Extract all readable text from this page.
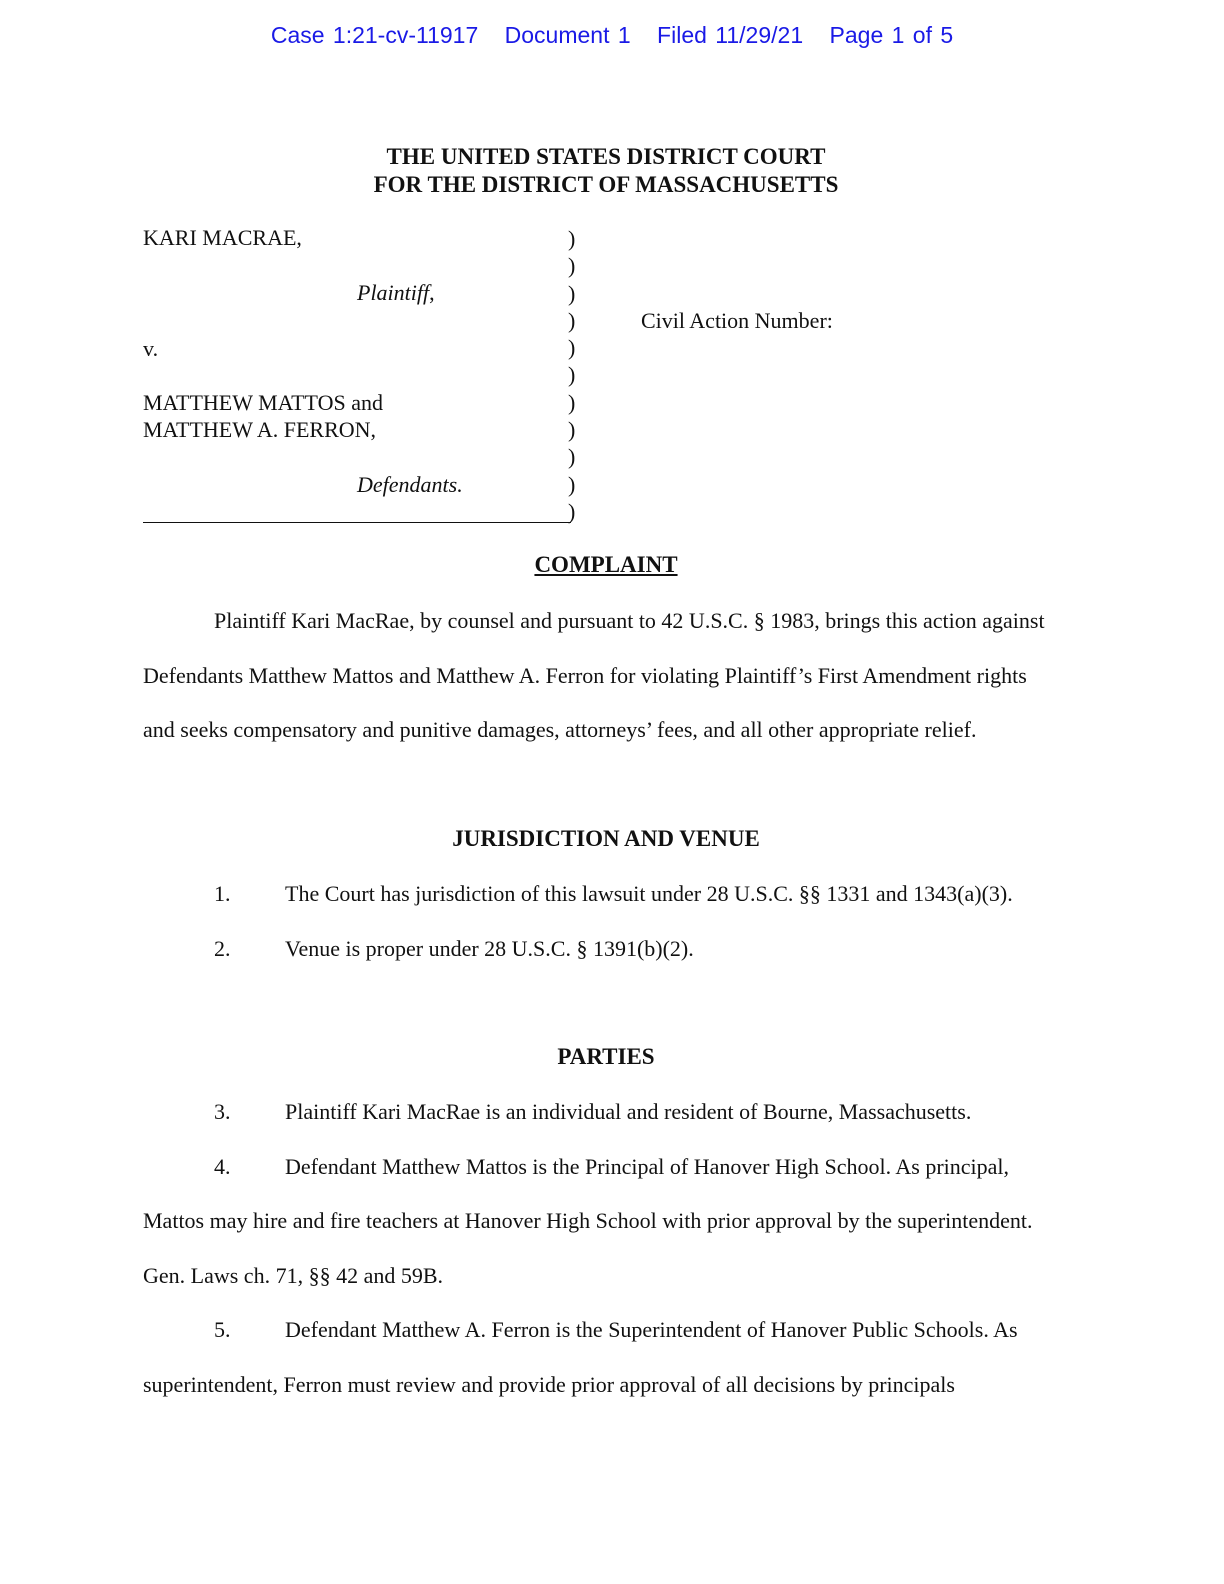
Case 1:21-cv-11917 Document 1 Filed 11/29/21 Page 1 of 5
THE UNITED STATES DISTRICT COURT
FOR THE DISTRICT OF MASSACHUSETTS
KARI MACRAE,
Plaintiff,
v.
MATTHEW MATTOS and
MATTHEW A. FERRON,
Defendants.
Civil Action Number:
)
)
)
)
)
)
)
)
)
)
)
COMPLAINT

Plaintiff Kari MacRae, by counsel and pursuant to 42 U.S.C. § 1983, brings this action against Defendants Matthew Mattos and Matthew A. Ferron for violating Plaintiff’s First Amendment rights and seeks compensatory and punitive damages, attorneys’ fees, and all other appropriate relief.

JURISDICTION AND VENUE

1. The Court has jurisdiction of this lawsuit under 28 U.S.C. §§ 1331 and 1343(a)(3).

2. Venue is proper under 28 U.S.C. § 1391(b)(2).

PARTIES

3. Plaintiff Kari MacRae is an individual and resident of Bourne, Massachusetts.

4. Defendant Matthew Mattos is the Principal of Hanover High School. As principal, Mattos may hire and fire teachers at Hanover High School with prior approval by the superintendent. Gen. Laws ch. 71, §§ 42 and 59B.

5. Defendant Matthew A. Ferron is the Superintendent of Hanover Public Schools. As superintendent, Ferron must review and provide prior approval of all decisions by principals
